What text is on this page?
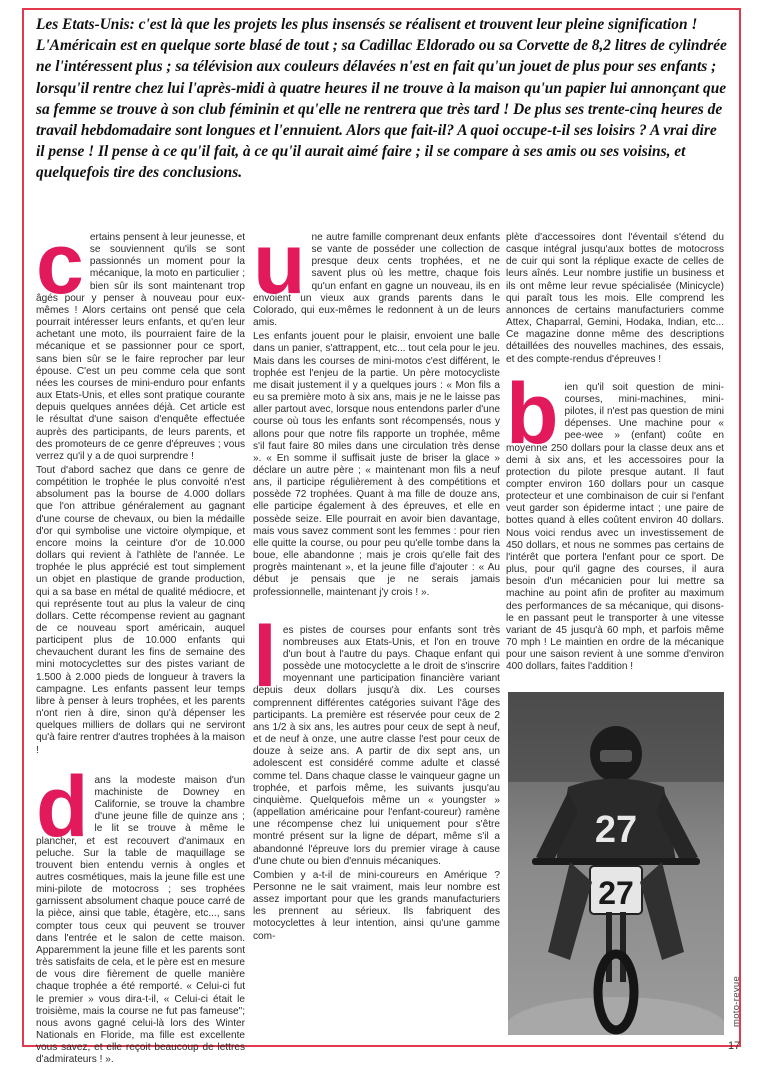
Les Etats-Unis: c'est là que les projets les plus insensés se réalisent et trouvent leur pleine signification ! L'Américain est en quelque sorte blasé de tout ; sa Cadillac Eldorado ou sa Corvette de 8,2 litres de cylindrée ne l'intéressent plus ; sa télévision aux couleurs délavées n'est en fait qu'un jouet de plus pour ses enfants ; lorsqu'il rentre chez lui l'après-midi à quatre heures il ne trouve à la maison qu'un papier lui annonçant que sa femme se trouve à son club féminin et qu'elle ne rentrera que très tard ! De plus ses trente-cinq heures de travail hebdomadaire sont longues et l'ennuient. Alors que fait-il? A quoi occupe-t-il ses loisirs ? A vrai dire il pense ! Il pense à ce qu'il fait, à ce qu'il aurait aimé faire ; il se compare à ses amis ou ses voisins, et quelquefois tire des conclusions.

certains pensent à leur jeunesse, et se souviennent qu'ils se sont passionnés un moment pour la mécanique, la moto en particulier ; bien sûr ils sont maintenant trop âgés pour y penser à nouveau pour eux-mêmes ! Alors certains ont pensé que cela pourrait intéresser leurs enfants, et qu'en leur achetant une moto, ils pourraient faire de la mécanique et se passionner pour ce sport, sans bien sûr se le faire reprocher par leur épouse. C'est un peu comme cela que sont nées les courses de mini-enduro pour enfants aux Etats-Unis, et elles sont pratique courante depuis quelques années déjà. Cet article est le résultat d'une saison d'enquête effectuée auprès des participants, de leurs parents, et des promoteurs de ce genre d'épreuves ; vous verrez qu'il y a de quoi surprendre !

Tout d'abord sachez que dans ce genre de compétition le trophée le plus convoité n'est absolument pas la bourse de 4.000 dollars que l'on attribue généralement au gagnant d'une course de chevaux, ou bien la médaille d'or qui symbolise une victoire olympique, et encore moins la ceinture d'or de 10.000 dollars qui revient à l'athlète de l'année. Le trophée le plus apprécié est tout simplement un objet en plastique de grande production, qui a sa base en métal de qualité médiocre, et qui représente tout au plus la valeur de cinq dollars. Cette récompense revient au gagnant de ce nouveau sport américain, auquel participent plus de 10.000 enfants qui chevauchent durant les fins de semaine des mini motocyclettes sur des pistes variant de 1.500 à 2.000 pieds de longueur à travers la campagne. Les enfants passent leur temps libre à penser à leurs trophées, et les parents n'ont rien à dire, sinon qu'à dépenser les quelques milliers de dollars qui ne serviront qu'à faire rentrer d'autres trophées à la maison !

dans la modeste maison d'un machiniste de Downey en Californie, se trouve la chambre d'une jeune fille de quinze ans ; le lit se trouve à même le plancher, et est recouvert d'animaux en peluche. Sur la table de maquillage se trouvent bien entendu vernis à ongles et autres cosmétiques, mais la jeune fille est une mini-pilote de motocross ; ses trophées garnissent absolument chaque pouce carré de la pièce, ainsi que table, étagère, etc..., sans compter tous ceux qui peuvent se trouver dans l'entrée et le salon de cette maison. Apparemment la jeune fille et les parents sont très satisfaits de cela, et le père est en mesure de vous dire fièrement de quelle manière chaque trophée a été remporté. « Celui-ci fut le premier » vous dira-t-il, « Celui-ci était le troisième, mais la course ne fut pas fameuse"; nous avons gagné celui-là lors des Winter Nationals en Floride, ma fille est excellente vous savez, et elle reçoit beaucoup de lettres d'admirateurs ! ».

une autre famille comprenant deux enfants se vante de posséder une collection de presque deux cents trophées, et ne savent plus où les mettre, chaque fois qu'un enfant en gagne un nouveau, ils en envoient un vieux aux grands parents dans le Colorado, qui eux-mêmes le redonnent à un de leurs amis.

Les enfants jouent pour le plaisir, envoient une balle dans un panier, s'attrappent, etc... tout cela pour le jeu. Mais dans les courses de mini-motos c'est différent, le trophée est l'enjeu de la partie. Un père motocycliste me disait justement il y a quelques jours : « Mon fils a eu sa première moto à six ans, mais je ne le laisse pas aller partout avec, lorsque nous entendons parler d'une course où tous les enfants sont récompensés, nous y allons pour que notre fils rapporte un trophée, même s'il faut faire 80 miles dans une circulation très dense ». « En somme il suffisait juste de briser la glace » déclare un autre père ; « maintenant mon fils a neuf ans, il participe régulièrement à des compétitions et possède 72 trophées. Quant à ma fille de douze ans, elle participe également à des épreuves, et elle en possède seize. Elle pourrait en avoir bien davantage, mais vous savez comment sont les femmes : pour rien elle quitte la course, ou pour peu qu'elle tombe dans la boue, elle abandonne ; mais je crois qu'elle fait des progrès maintenant », et la jeune fille d'ajouter : « Au début je pensais que je ne serais jamais professionnelle, maintenant j'y crois ! ».

les pistes de courses pour enfants sont très nombreuses aux Etats-Unis, et l'on en trouve d'un bout à l'autre du pays. Chaque enfant qui possède une motocyclette a le droit de s'inscrire moyennant une participation financière variant depuis deux dollars jusqu'à dix. Les courses comprennent différentes catégories suivant l'âge des participants. La première est réservée pour ceux de 2 ans 1/2 à six ans, les autres pour ceux de sept à neuf, et de neuf à onze, une autre classe l'est pour ceux de douze à seize ans. A partir de dix sept ans, un adolescent est considéré comme adulte et classé comme tel. Dans chaque classe le vainqueur gagne un trophée, et parfois même, les suivants jusqu'au cinquième. Quelquefois même un « youngster » (appellation américaine pour l'enfant-coureur) ramène une récompense chez lui uniquement pour s'être montré présent sur la ligne de départ, même s'il a abandonné l'épreuve lors du premier virage à cause d'une chute ou bien d'ennuis mécaniques.

Combien y a-t-il de mini-coureurs en Amérique ? Personne ne le sait vraiment, mais leur nombre est assez important pour que les grands manufacturiers les prennent au sérieux. Ils fabriquent des motocyclettes à leur intention, ainsi qu'une gamme com-

plète d'accessoires dont l'éventail s'étend du casque intégral jusqu'aux bottes de motocross de cuir qui sont la réplique exacte de celles de leurs aînés. Leur nombre justifie un business et ils ont même leur revue spécialisée (Minicycle) qui paraît tous les mois. Elle comprend les annonces de certains manufacturiers comme Attex, Chaparral, Gemini, Hodaka, Indian, etc... Ce magazine donne même des descriptions détaillées des nouvelles machines, des essais, et des compte-rendus d'épreuves !

bien qu'il soit question de mini-courses, mini-machines, mini-pilotes, il n'est pas question de mini dépenses. Une machine pour « pee-wee » (enfant) coûte en moyenne 250 dollars pour la classe deux ans et demi à six ans, et les accessoires pour la protection du pilote presque autant. Il faut compter environ 160 dollars pour un casque protecteur et une combinaison de cuir si l'enfant veut garder son épiderme intact ; une paire de bottes quand à elles coûtent environ 40 dollars. Nous voici rendus avec un investissement de 450 dollars, et nous ne sommes pas certains de l'intérêt que portera l'enfant pour ce sport. De plus, pour qu'il gagne des courses, il aura besoin d'un mécanicien pour lui mettre sa machine au point afin de profiter au maximum des performances de sa mécanique, qui disons-le en passant peut le transporter à une vitesse variant de 45 jusqu'à 60 mph, et parfois même 70 mph ! Le maintien en ordre de la mécanique pour une saison revient à une somme d'environ 400 dollars, faites l'addition !

27
27
moto-revue
17
